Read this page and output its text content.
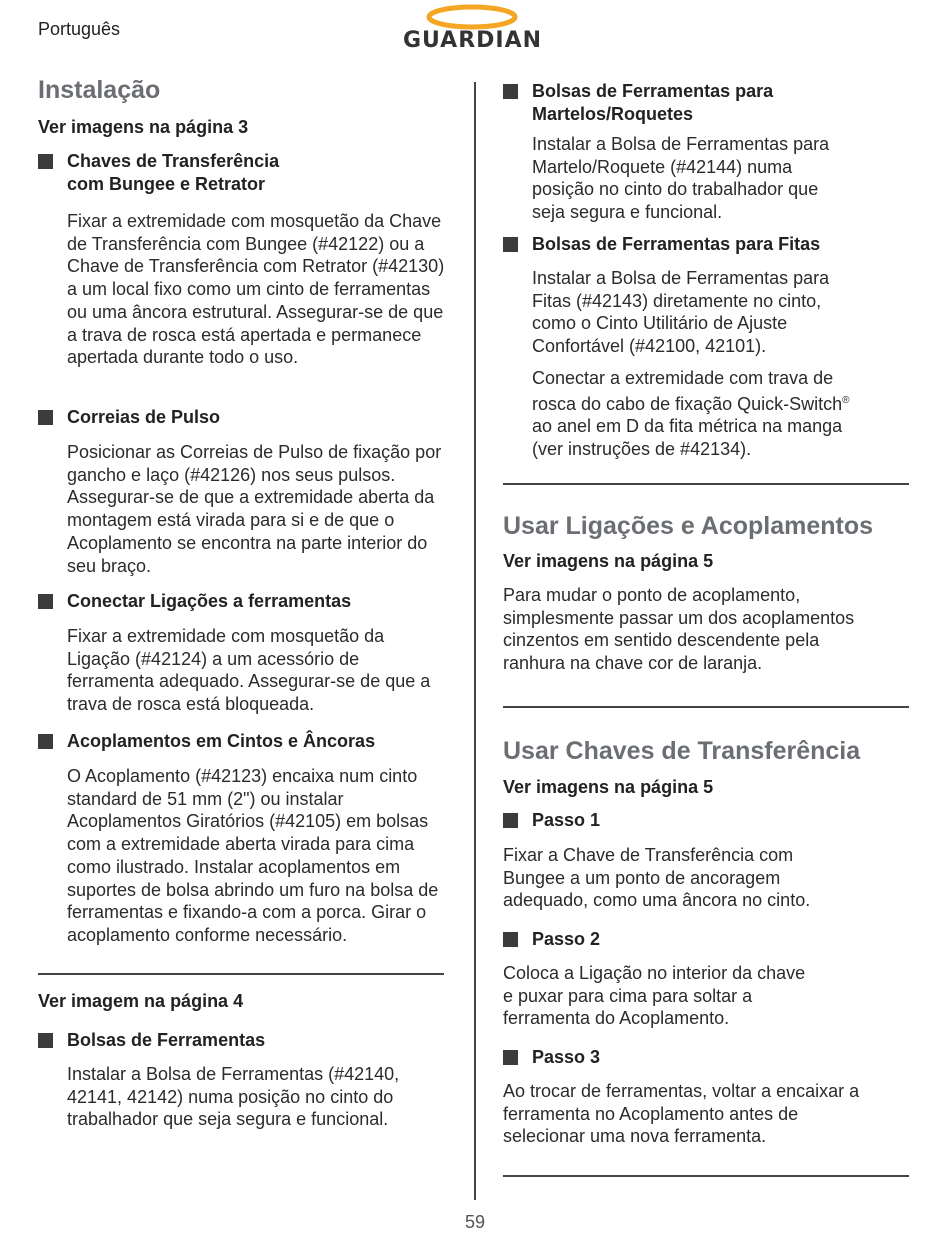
Português	GUARDIAN
Instalação
Ver imagens na página 3
Chaves de Transferência
com Bungee e Retrator
Fixar a extremidade com mosquetão da Chave de Transferência com Bungee (#42122) ou a Chave de Transferência com Retrator (#42130) a um local fixo como um cinto de ferramentas ou uma âncora estrutural. Assegurar-se de que a trava de rosca está apertada e permanece apertada durante todo o uso.
Correias de Pulso
Posicionar as Correias de Pulso de fixação por gancho e laço (#42126) nos seus pulsos. Assegurar-se de que a extremidade aberta da montagem está virada para si e de que o Acoplamento se encontra na parte interior do seu braço.
Conectar Ligações a ferramentas
Fixar a extremidade com mosquetão da Ligação (#42124) a um acessório de ferramenta adequado. Assegurar-se de que a trava de rosca está bloqueada.
Acoplamentos em Cintos e Âncoras
O Acoplamento (#42123) encaixa num cinto standard de 51 mm (2") ou instalar Acoplamentos Giratórios (#42105) em bolsas com a extremidade aberta virada para cima como ilustrado. Instalar acoplamentos em suportes de bolsa abrindo um furo na bolsa de ferramentas e fixando-a com a porca. Girar o acoplamento conforme necessário.
Ver imagem na página 4
Bolsas de Ferramentas
Instalar a Bolsa de Ferramentas (#42140, 42141, 42142) numa posição no cinto do trabalhador que seja segura e funcional.
Bolsas de Ferramentas para
Martelos/Roquetes
Instalar a Bolsa de Ferramentas para Martelo/Roquete (#42144) numa posição no cinto do trabalhador que seja segura e funcional.
Bolsas de Ferramentas para Fitas
Instalar a Bolsa de Ferramentas para Fitas (#42143) diretamente no cinto, como o Cinto Utilitário de Ajuste Confortável (#42100, 42101).
Conectar a extremidade com trava de rosca do cabo de fixação Quick-Switch® ao anel em D da fita métrica na manga (ver instruções de #42134).
Usar Ligações e Acoplamentos
Ver imagens na página 5
Para mudar o ponto de acoplamento, simplesmente passar um dos acoplamentos cinzentos em sentido descendente pela ranhura na chave cor de laranja.
Usar Chaves de Transferência
Ver imagens na página 5
Passo 1
Fixar a Chave de Transferência com Bungee a um ponto de ancoragem adequado, como uma âncora no cinto.
Passo 2
Coloca a Ligação no interior da chave e puxar para cima para soltar a ferramenta do Acoplamento.
Passo 3
Ao trocar de ferramentas, voltar a encaixar a ferramenta no Acoplamento antes de selecionar uma nova ferramenta.
59
